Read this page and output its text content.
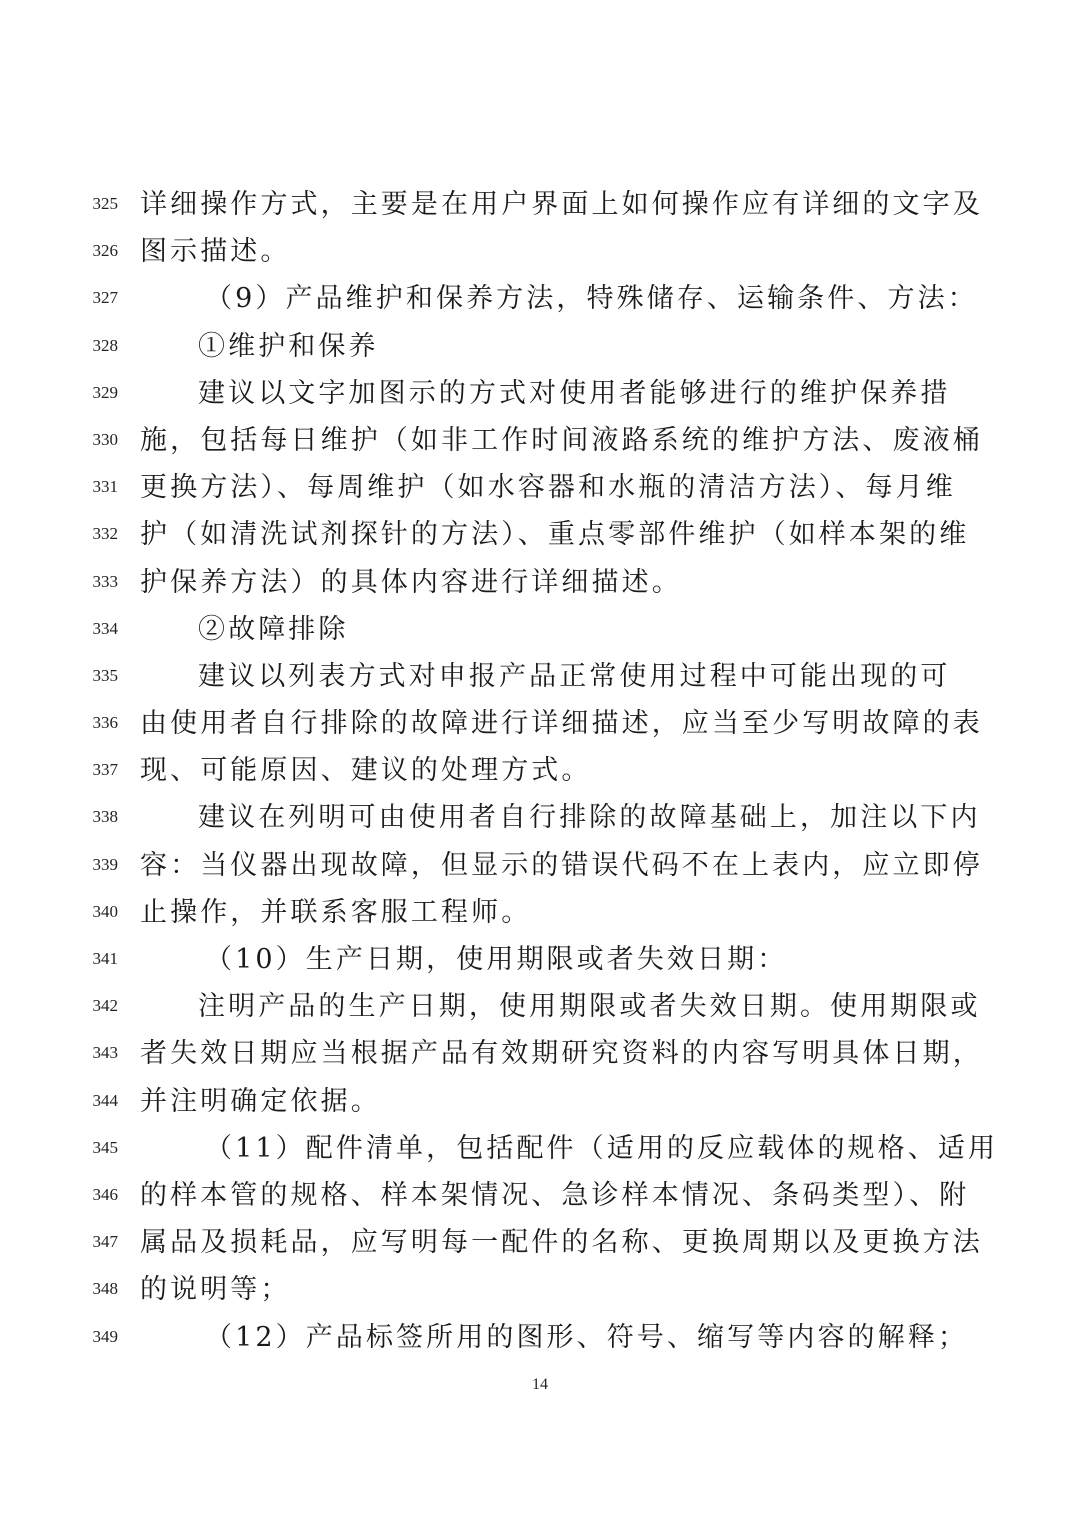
325 详细操作方式，主要是在用户界面上如何操作应有详细的文字及
326 图示描述。
327	（9）产品维护和保养方法，特殊储存、运输条件、方法：
328	①维护和保养
329	建议以文字加图示的方式对使用者能够进行的维护保养措
330 施，包括每日维护（如非工作时间液路系统的维护方法、废液桶
331 更换方法）、每周维护（如水容器和水瓶的清洁方法）、每月维
332 护（如清洗试剂探针的方法）、重点零部件维护（如样本架的维
333 护保养方法）的具体内容进行详细描述。
334	②故障排除
335	建议以列表方式对申报产品正常使用过程中可能出现的可
336 由使用者自行排除的故障进行详细描述，应当至少写明故障的表
337 现、可能原因、建议的处理方式。
338	建议在列明可由使用者自行排除的故障基础上，加注以下内
339 容：当仪器出现故障，但显示的错误代码不在上表内，应立即停
340 止操作，并联系客服工程师。
341	（10）生产日期，使用期限或者失效日期：
342	注明产品的生产日期，使用期限或者失效日期。使用期限或
343 者失效日期应当根据产品有效期研究资料的内容写明具体日期，
344 并注明确定依据。
345	（11）配件清单，包括配件（适用的反应载体的规格、适用
346 的样本管的规格、样本架情况、急诊样本情况、条码类型）、附
347 属品及损耗品，应写明每一配件的名称、更换周期以及更换方法
348 的说明等；
349	（12）产品标签所用的图形、符号、缩写等内容的解释；
14
